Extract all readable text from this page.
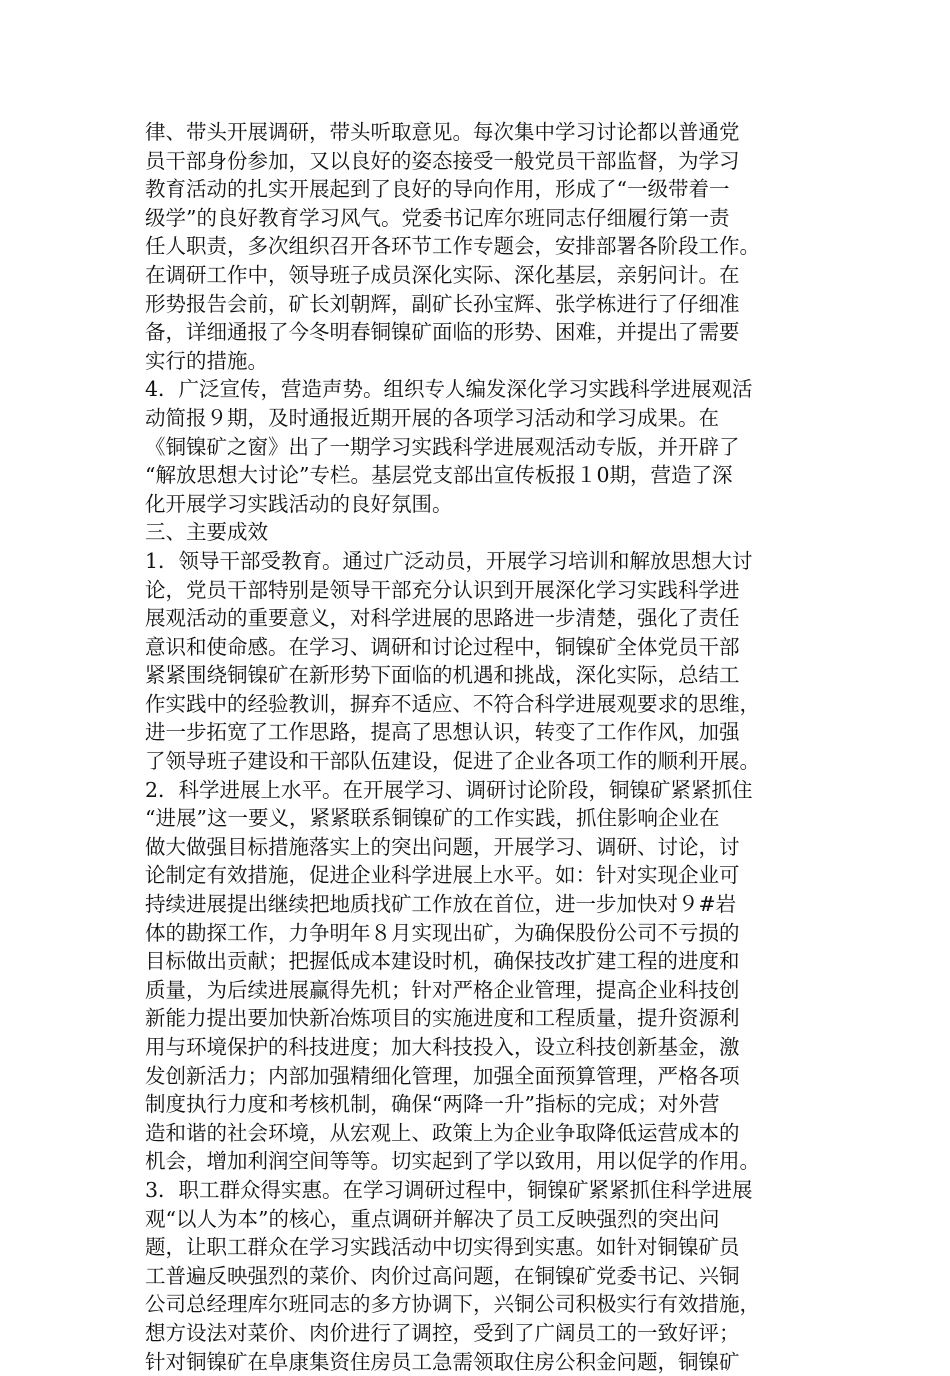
律、带头开展调研，带头听取意见。每次集中学习讨论都以普通党
员干部身份参加，又以良好的姿态接受一般党员干部监督，为学习
教育活动的扎实开展起到了良好的导向作用，形成了“一级带着一
级学”的良好教育学习风气。党委书记库尔班同志仔细履行第一责
任人职责，多次组织召开各环节工作专题会，安排部署各阶段工作。
在调研工作中，领导班子成员深化实际、深化基层，亲躬问计。在
形势报告会前，矿长刘朝辉，副矿长孙宝辉、张学栋进行了仔细准
备，详细通报了今冬明春铜镍矿面临的形势、困难，并提出了需要
实行的措施。
4．广泛宣传，营造声势。组织专人编发深化学习实践科学进展观活
动简报９期，及时通报近期开展的各项学习活动和学习成果。在
《铜镍矿之窗》出了一期学习实践科学进展观活动专版，并开辟了
“解放思想大讨论”专栏。基层党支部出宣传板报１0期，营造了深
化开展学习实践活动的良好氛围。
三、主要成效
1．领导干部受教育。通过广泛动员，开展学习培训和解放思想大讨
论，党员干部特别是领导干部充分认识到开展深化学习实践科学进
展观活动的重要意义，对科学进展的思路进一步清楚，强化了责任
意识和使命感。在学习、调研和讨论过程中，铜镍矿全体党员干部
紧紧围绕铜镍矿在新形势下面临的机遇和挑战，深化实际，总结工
作实践中的经验教训，摒弃不适应、不符合科学进展观要求的思维，
进一步拓宽了工作思路，提高了思想认识，转变了工作作风，加强
了领导班子建设和干部队伍建设，促进了企业各项工作的顺利开展。
2．科学进展上水平。在开展学习、调研讨论阶段，铜镍矿紧紧抓住
“进展”这一要义，紧紧联系铜镍矿的工作实践，抓住影响企业在
做大做强目标措施落实上的突出问题，开展学习、调研、讨论，讨
论制定有效措施，促进企业科学进展上水平。如：针对实现企业可
持续进展提出继续把地质找矿工作放在首位，进一步加快对９#岩
体的勘探工作，力争明年８月实现出矿，为确保股份公司不亏损的
目标做出贡献；把握低成本建设时机，确保技改扩建工程的进度和
质量，为后续进展赢得先机；针对严格企业管理，提高企业科技创
新能力提出要加快新冶炼项目的实施进度和工程质量，提升资源利
用与环境保护的科技进度；加大科技投入，设立科技创新基金，激
发创新活力；内部加强精细化管理，加强全面预算管理，严格各项
制度执行力度和考核机制，确保“两降一升”指标的完成；对外营
造和谐的社会环境，从宏观上、政策上为企业争取降低运营成本的
机会，增加利润空间等等。切实起到了学以致用，用以促学的作用。
3．职工群众得实惠。在学习调研过程中，铜镍矿紧紧抓住科学进展
观“以人为本”的核心，重点调研并解决了员工反映强烈的突出问
题，让职工群众在学习实践活动中切实得到实惠。如针对铜镍矿员
工普遍反映强烈的菜价、肉价过高问题，在铜镍矿党委书记、兴铜
公司总经理库尔班同志的多方协调下，兴铜公司积极实行有效措施，
想方设法对菜价、肉价进行了调控，受到了广阔员工的一致好评；
针对铜镍矿在阜康集资住房员工急需领取住房公积金问题，铜镍矿
